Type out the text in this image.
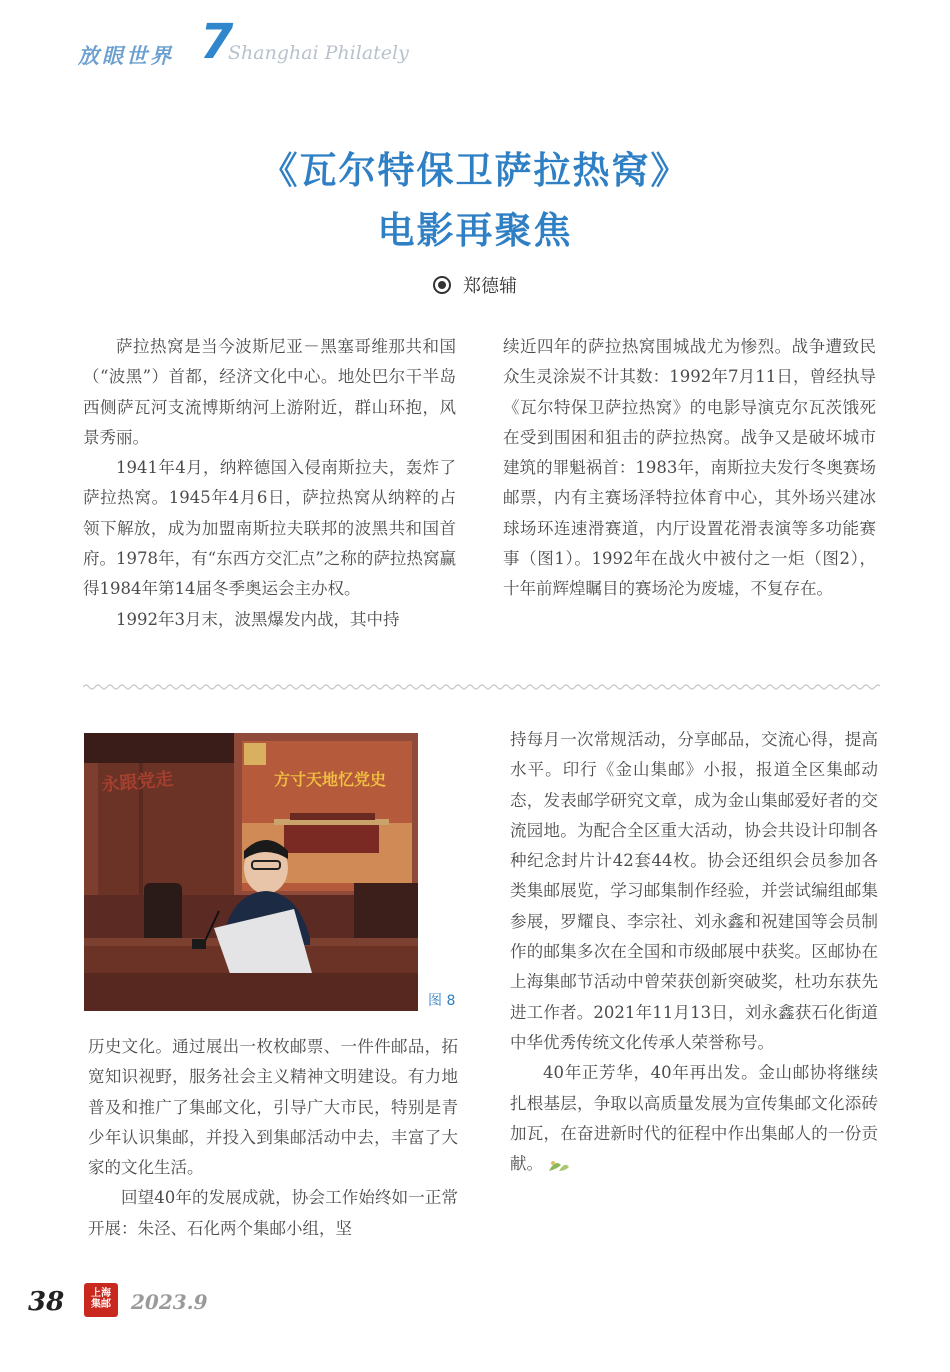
放眼世界 7
Shanghai Philately
《瓦尔特保卫萨拉热窝》
电影再聚焦
郑德辅

萨拉热窝是当今波斯尼亚－黑塞哥维那共和国（“波黑”）首都，经济文化中心。地处巴尔干半岛西侧萨瓦河支流博斯纳河上游附近，群山环抱，风景秀丽。

1941年4月，纳粹德国入侵南斯拉夫，轰炸了萨拉热窝。1945年4月6日，萨拉热窝从纳粹的占领下解放，成为加盟南斯拉夫联邦的波黑共和国首府。1978年，有“东西方交汇点”之称的萨拉热窝赢得1984年第14届冬季奥运会主办权。

1992年3月末，波黑爆发内战，其中持

续近四年的萨拉热窝围城战尤为惨烈。战争遭致民众生灵涂炭不计其数：1992年7月11日，曾经执导《瓦尔特保卫萨拉热窝》的电影导演克尔瓦茨饿死在受到围困和狙击的萨拉热窝。战争又是破坏城市建筑的罪魁祸首：1983年，南斯拉夫发行冬奥赛场邮票，内有主赛场泽特拉体育中心，其外场兴建冰球场环连速滑赛道，内厅设置花滑表演等多功能赛事（图1）。1992年在战火中被付之一炬（图2），十年前辉煌瞩目的赛场沦为废墟，不复存在。

永跟党走	方寸天地忆党史
图 8

历史文化。通过展出一枚枚邮票、一件件邮品，拓宽知识视野，服务社会主义精神文明建设。有力地普及和推广了集邮文化，引导广大市民，特别是青少年认识集邮，并投入到集邮活动中去，丰富了大家的文化生活。

回望40年的发展成就，协会工作始终如一正常开展：朱泾、石化两个集邮小组，坚

持每月一次常规活动，分享邮品，交流心得，提高水平。印行《金山集邮》小报，报道全区集邮动态，发表邮学研究文章，成为金山集邮爱好者的交流园地。为配合全区重大活动，协会共设计印制各种纪念封片计42套44枚。协会还组织会员参加各类集邮展览，学习邮集制作经验，并尝试编组邮集参展，罗耀良、李宗社、刘永鑫和祝建国等会员制作的邮集多次在全国和市级邮展中获奖。区邮协在上海集邮节活动中曾荣获创新突破奖，杜功东获先进工作者。2021年11月13日，刘永鑫获石化街道中华优秀传统文化传承人荣誉称号。

40年正芳华，40年再出发。金山邮协将继续扎根基层，争取以高质量发展为宣传集邮文化添砖加瓦，在奋进新时代的征程中作出集邮人的一份贡献。

38	上海
集邮	2023.9
